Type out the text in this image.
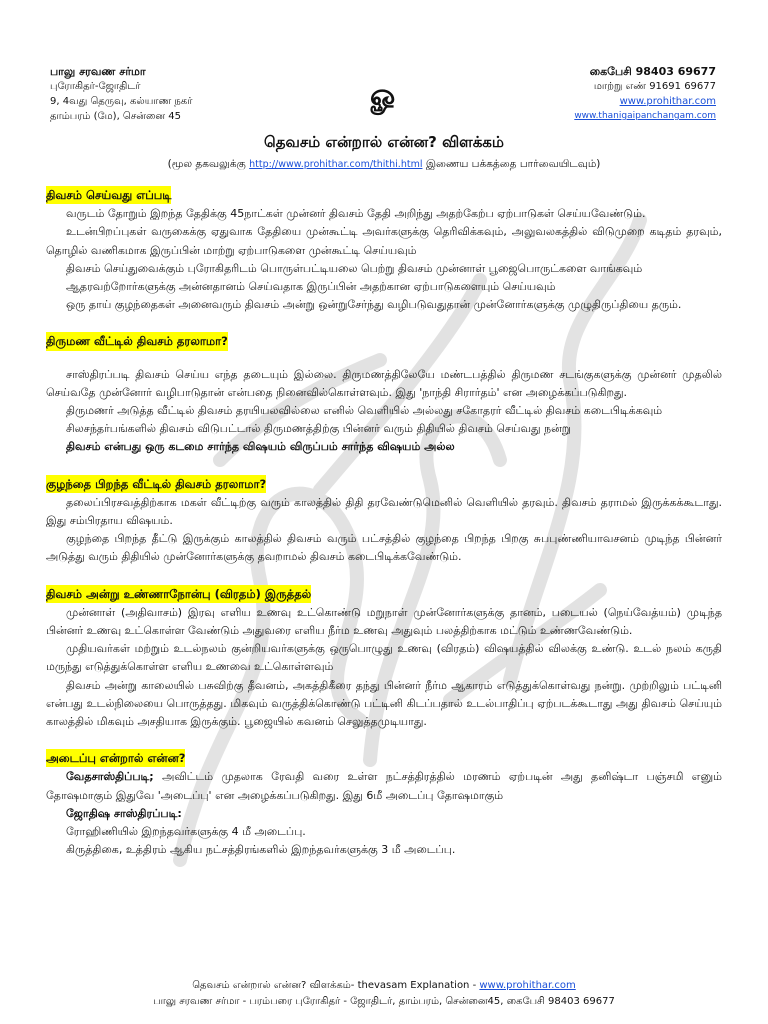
பாலு சரவண சர்மா
புரோகிதர்-ஜோதிடர்
9, 4வது தெருவு, கல்யாண நகர்
தாம்பரம் (மே), சென்னை 45
ௐ
கைபேசி 98403 69677
மாற்று எண் 91691 69677
www.prohithar.com
www.thanigaipanchangam.com
தெவசம் என்றால் என்ன? விளக்கம்
(மூல தகவலுக்கு http://www.prohithar.com/thithi.html இணைய பக்கத்தை பார்வையிடவும்)
திவசம் செய்வது எப்படி
வருடம் தோறும் இறந்த தேதிக்கு 45நாட்கள் முன்னர் திவசம் தேதி அறிந்து அதற்கேற்ப ஏற்பாடுகள் செய்யவேண்டும்.
உடன்பிறப்புகள் வருகைக்கு ஏதுவாக தேதியை முன்கூட்டி அவர்களுக்கு தெரிவிக்கவும், அலுவலகத்தில் விடுமுறை கடிதம் தரவும், தொழில் வணிகமாக இருப்பின் மாற்று ஏற்பாடுகளை முன்கூட்டி செய்யவும்
திவசம் செய்துவைக்கும் புரோகிதரிடம் பொருள்பட்டியலை பெற்று திவசம் முன்னாள் பூஜைபொருட்களை வாங்கவும்
ஆதரவற்றோர்களுக்கு அன்னதானம் செய்வதாக இருப்பின் அதற்கான ஏற்பாடுகளையும் செய்யவும்
ஒரு தாய் குழந்தைகள் அனைவரும் திவசம் அன்று ஒன்றுசேர்ந்து வழிபடுவதுதான் முன்னோர்களுக்கு முழுதிருப்தியை தரும்.
திருமண வீட்டில் திவசம் தரலாமா?
சாஸ்திரப்படி திவசம் செய்ய எந்த தடையும் இல்லை. திருமணத்திலேயே மண்டபத்தில் திருமண சடங்குகளுக்கு முன்னர் முதலில் செய்வதே முன்னோர் வழிபாடுதான் என்பதை நினைவில்கொள்ளவும். இது 'நாந்தி சிரார்தம்' என அழைக்கப்படுகிறது.
திருமணர் அடுத்த வீட்டில் திவசம் தரயியலவில்லை எனில் வெளியில் அல்லது சகோதரர் வீட்டில் திவசம் கடைபிடிக்கவும்
சிலசந்தர்பங்களில் திவசம் விடுபட்டால் திருமணத்திற்கு பின்னர் வரும் திதியில் திவசம் செய்வது நன்று
திவசம் என்பது ஒரு கடமை சார்ந்த விஷயம் விருப்பம் சார்ந்த விஷயம் அல்ல
குழந்தை பிறந்த வீட்டில் திவசம் தரலாமா?
தலைப்பிரசவத்திற்காக மகள் வீட்டிற்கு வரும் காலத்தில் திதி தரவேண்டுமெனில் வெளியில் தரவும். திவசம் தராமல் இருக்கக்கூடாது. இது சம்பிரதாய விஷயம்.
குழந்தை பிறந்த தீட்டு இருக்கும் காலத்தில் திவசம் வரும் பட்சத்தில் குழந்தை பிறந்த பிறகு சுபபுண்ணியாவசனம் முடிந்த பின்னர் அடுத்து வரும் திதியில் முன்னோர்களுக்கு தவறாமல் திவசம் கடைபிடிக்கவேண்டும்.
திவசம் அன்று உண்ணாநோன்பு (விரதம்) இருத்தல்
முன்னாள் (அதிவாசம்) இரவு எளிய உணவு உட்கொண்டு மறுநாள் முன்னோர்களுக்கு தானம், படையல் (நெய்வேத்யம்) முடிந்த பின்னர் உணவு உட்கொள்ள வேண்டும் அதுவரை எளிய நீர்ம உணவு அதுவும் பலத்திற்காக மட்டும் உண்ணவேண்டும்.
முதியவர்கள் மற்றும் உடல்நலம் குன்றியவர்களுக்கு ஒருபொழுது உணவு (விரதம்) விஷயத்தில் விலக்கு உண்டு. உடல் நலம் கருதி மருந்து எடுத்துக்கொள்ள எளிய உணவை உட்கொள்ளவும்
திவசம் அன்று காலையில் பசுவிற்கு தீவனம், அகத்திகீரை தந்து பின்னர் நீர்ம ஆகாரம் எடுத்துக்கொள்வது நன்று. முற்றிலும் பட்டினி என்பது உடல்நிலையை பொருத்தது. மிகவும் வருத்திக்கொண்டு பட்டினி கிடப்பதால் உடல்பாதிப்பு ஏற்படக்கூடாது அது திவசம் செய்யும் காலத்தில் மிகவும் அசதியாக இருக்கும். பூஜையில் கவனம் செலுத்தமுடியாது.
அடைப்பு என்றால் என்ன?
வேதசாஸ்திப்படி; அவிட்டம் முதலாக ரேவதி வரை உள்ள நட்சத்திரத்தில் மரணம் ஏற்படின் அது தனிஷ்டா பஞ்சமி எனும் தோஷமாகும் இதுவே 'அடைப்பு' என அழைக்கப்படுகிறது. இது 6மீ அடைப்பு தோஷமாகும்
ஜோதிஷ சாஸ்திரப்படி:
ரோஹிணியில் இறந்தவர்களுக்கு 4 மீ அடைப்பு.
கிருத்திகை, உத்திரம் ஆகிய நட்சத்திரங்களில் இறந்தவர்களுக்கு 3 மீ அடைப்பு.
தெவசம் என்றால் என்ன? விளக்கம்- thevasam Explanation - www.prohithar.com
பாலு சரவண சர்மா - பரம்பரை புரோகிதர் - ஜோதிடர், தாம்பரம், சென்னை45, கைபேசி 98403 69677
